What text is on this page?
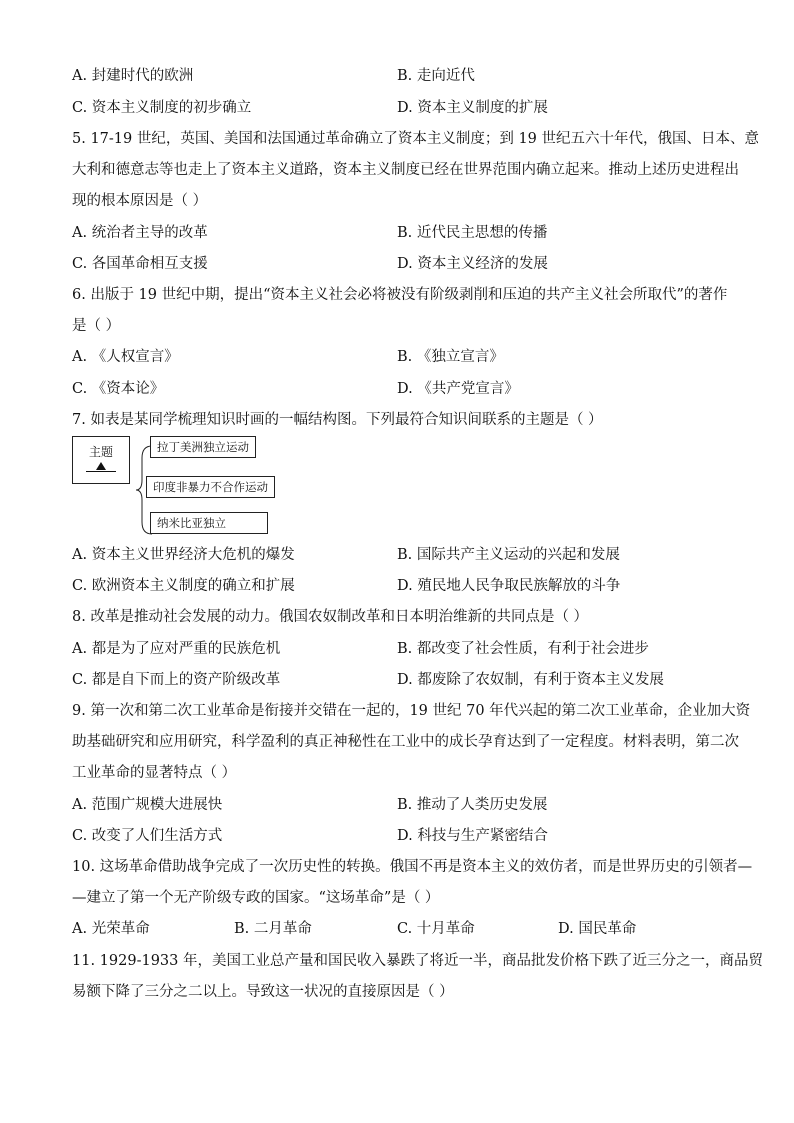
A. 封建时代的欧洲	B. 走向近代
C. 资本主义制度的初步确立	D. 资本主义制度的扩展
5. 17-19 世纪，英国、美国和法国通过革命确立了资本主义制度；到 19 世纪五六十年代，俄国、日本、意
大利和德意志等也走上了资本主义道路，资本主义制度已经在世界范围内确立起来。推动上述历史进程出
现的根本原因是（ ）
A. 统治者主导的改革	B. 近代民主思想的传播
C. 各国革命相互支援	D. 资本主义经济的发展
6. 出版于 19 世纪中期，提出“资本主义社会必将被没有阶级剥削和压迫的共产主义社会所取代”的著作
是（ ）
A. 《人权宣言》	B. 《独立宣言》
C. 《资本论》	D. 《共产党宣言》
7. 如表是某同学梳理知识时画的一幅结构图。下列最符合知识间联系的主题是（ ）
主题	拉丁美洲独立运动
印度非暴力不合作运动
纳米比亚独立
A. 资本主义世界经济大危机的爆发	B. 国际共产主义运动的兴起和发展
C. 欧洲资本主义制度的确立和扩展	D. 殖民地人民争取民族解放的斗争
8. 改革是推动社会发展的动力。俄国农奴制改革和日本明治维新的共同点是（ ）
A. 都是为了应对严重的民族危机	B. 都改变了社会性质，有利于社会进步
C. 都是自下而上的资产阶级改革	D. 都废除了农奴制，有利于资本主义发展
9. 第一次和第二次工业革命是衔接并交错在一起的，19 世纪 70 年代兴起的第二次工业革命，企业加大资
助基础研究和应用研究，科学盈利的真正神秘性在工业中的成长孕育达到了一定程度。材料表明，第二次
工业革命的显著特点（ ）
A. 范围广规模大进展快	B. 推动了人类历史发展
C. 改变了人们生活方式	D. 科技与生产紧密结合
10. 这场革命借助战争完成了一次历史性的转换。俄国不再是资本主义的效仿者，而是世界历史的引领者—
—建立了第一个无产阶级专政的国家。“这场革命”是（ ）
A. 光荣革命	B. 二月革命	C. 十月革命	D. 国民革命
11. 1929-1933 年，美国工业总产量和国民收入暴跌了将近一半，商品批发价格下跌了近三分之一，商品贸
易额下降了三分之二以上。导致这一状况的直接原因是（ ）
